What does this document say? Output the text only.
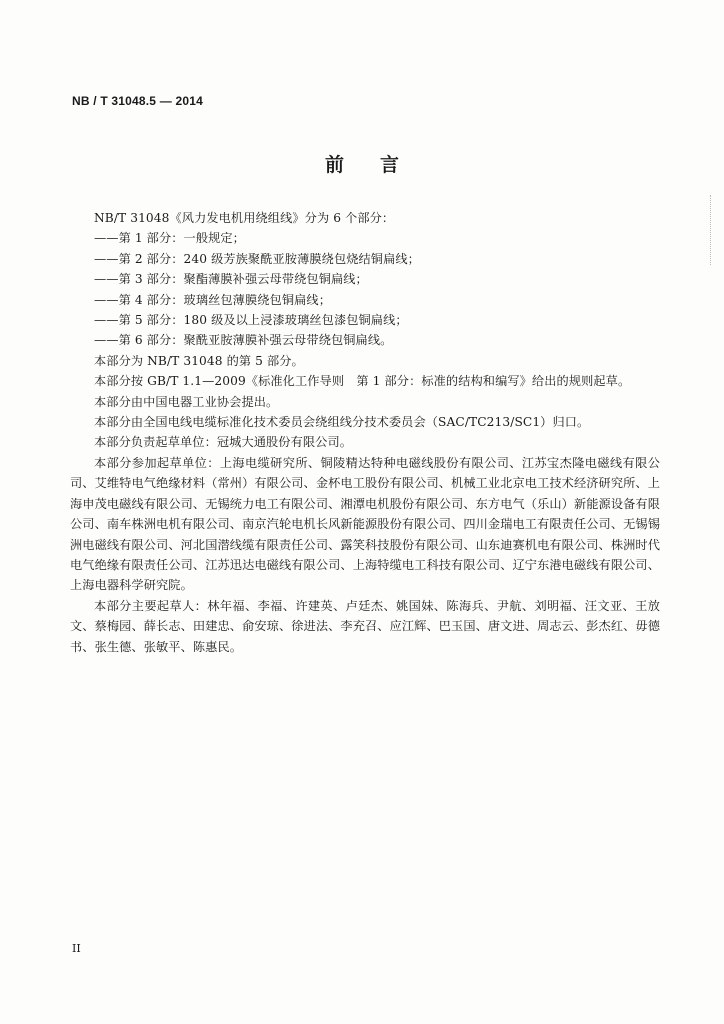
NB / T 31048.5 — 2014
前 言

NB/T 31048《风力发电机用绕组线》分为 6 个部分：

——第 1 部分：一般规定；

——第 2 部分：240 级芳族聚酰亚胺薄膜绕包烧结铜扁线；

——第 3 部分：聚酯薄膜补强云母带绕包铜扁线；

——第 4 部分：玻璃丝包薄膜绕包铜扁线；

——第 5 部分：180 级及以上浸漆玻璃丝包漆包铜扁线；

——第 6 部分：聚酰亚胺薄膜补强云母带绕包铜扁线。

本部分为 NB/T 31048 的第 5 部分。

本部分按 GB/T 1.1—2009《标准化工作导则　第 1 部分：标准的结构和编写》给出的规则起草。

本部分由中国电器工业协会提出。

本部分由全国电线电缆标准化技术委员会绕组线分技术委员会（SAC/TC213/SC1）归口。

本部分负责起草单位：冠城大通股份有限公司。

本部分参加起草单位：上海电缆研究所、铜陵精达特种电磁线股份有限公司、江苏宝杰隆电磁线有限公司、艾维特电气绝缘材料（常州）有限公司、金杯电工股份有限公司、机械工业北京电工技术经济研究所、上海申茂电磁线有限公司、无锡统力电工有限公司、湘潭电机股份有限公司、东方电气（乐山）新能源设备有限公司、南车株洲电机有限公司、南京汽轮电机长风新能源股份有限公司、四川金瑞电工有限责任公司、无锡锡洲电磁线有限公司、河北国潜线缆有限责任公司、露笑科技股份有限公司、山东迪赛机电有限公司、株洲时代电气绝缘有限责任公司、江苏迅达电磁线有限公司、上海特缆电工科技有限公司、辽宁东港电磁线有限公司、上海电器科学研究院。

本部分主要起草人：林年福、李福、许建英、卢廷杰、姚国妹、陈海兵、尹航、刘明福、汪文亚、王放文、蔡梅园、薛长志、田建忠、俞安琼、徐进法、李充召、应江辉、巴玉国、唐文进、周志云、彭杰红、毋德书、张生德、张敏平、陈惠民。

II
